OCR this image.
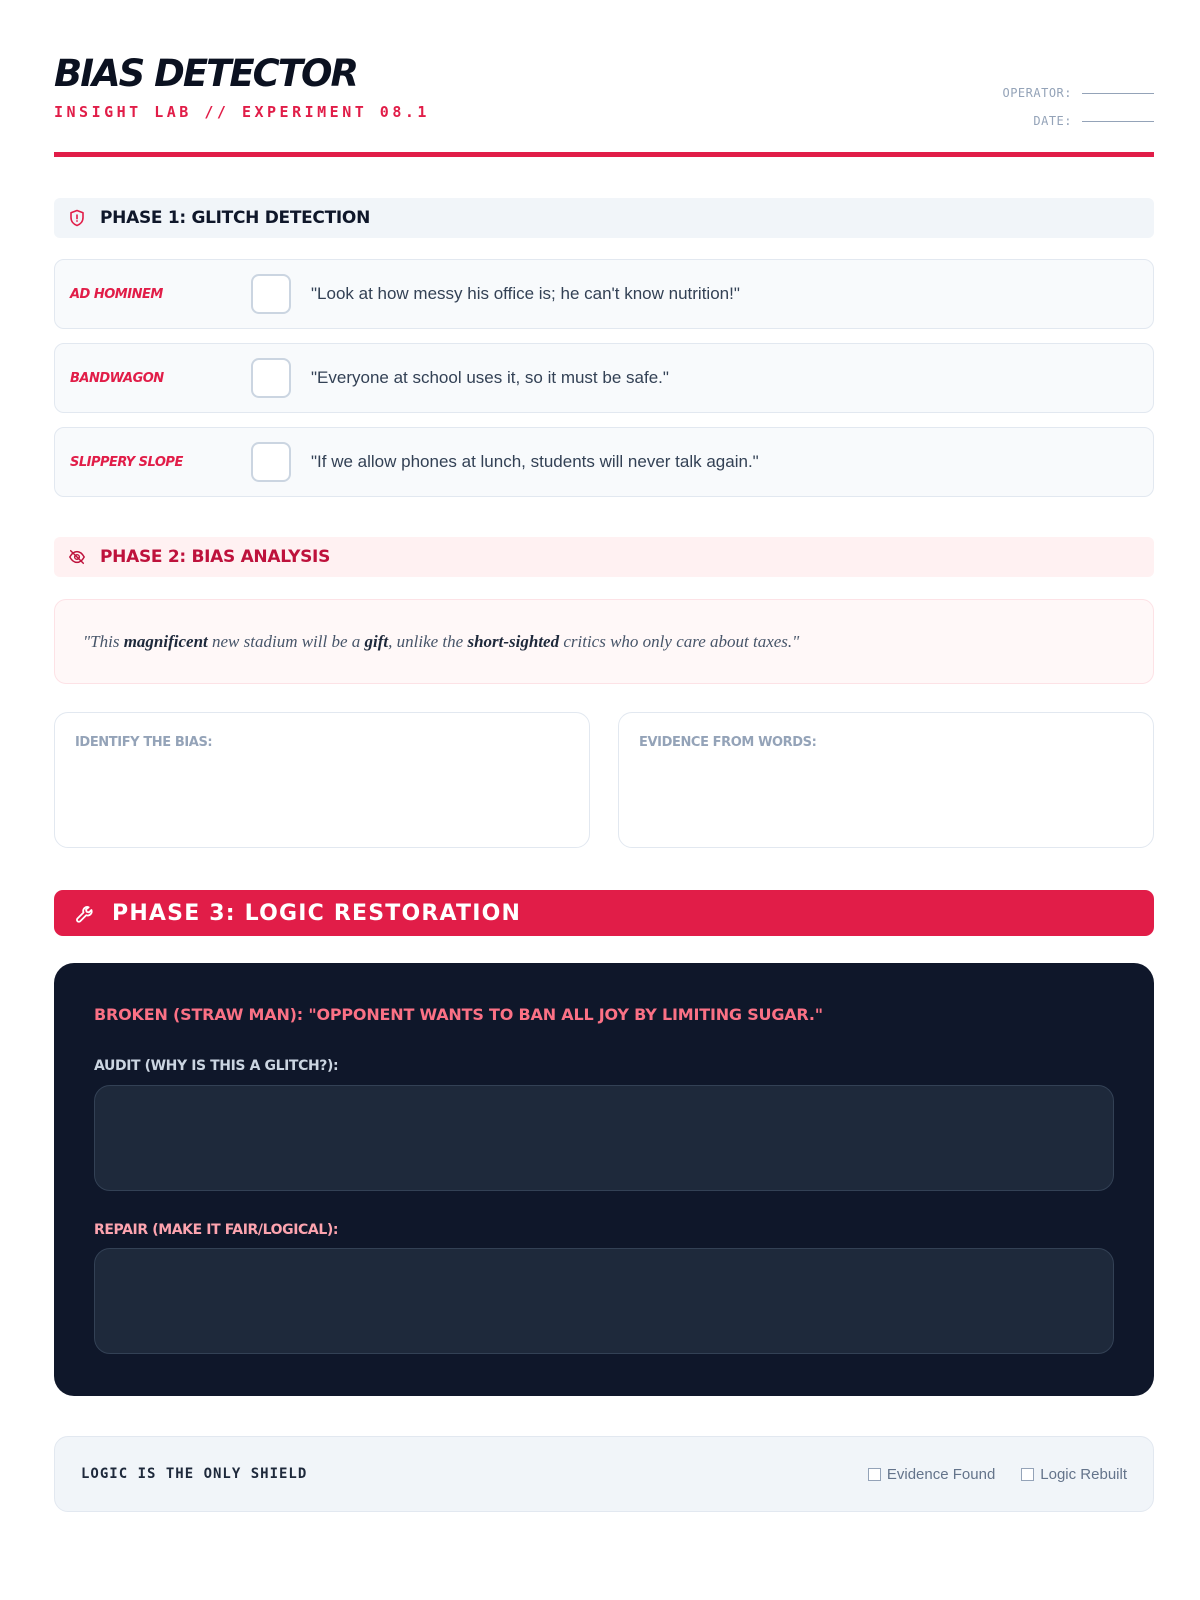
BIAS DETECTOR
INSIGHT LAB // EXPERIMENT 08.1
OPERATOR:
DATE:
PHASE 1: GLITCH DETECTION
AD HOMINEM	"Look at how messy his office is; he can't know nutrition!"
BANDWAGON	"Everyone at school uses it, so it must be safe."
SLIPPERY SLOPE	"If we allow phones at lunch, students will never talk again."
PHASE 2: BIAS ANALYSIS
"This magnificent new stadium will be a gift, unlike the short-sighted critics who only care about taxes."
IDENTIFY THE BIAS:	EVIDENCE FROM WORDS:
PHASE 3: LOGIC RESTORATION
BROKEN (STRAW MAN): "OPPONENT WANTS TO BAN ALL JOY BY LIMITING SUGAR."
AUDIT (WHY IS THIS A GLITCH?):
REPAIR (MAKE IT FAIR/LOGICAL):
LOGIC IS THE ONLY SHIELD	Evidence Found	Logic Rebuilt
